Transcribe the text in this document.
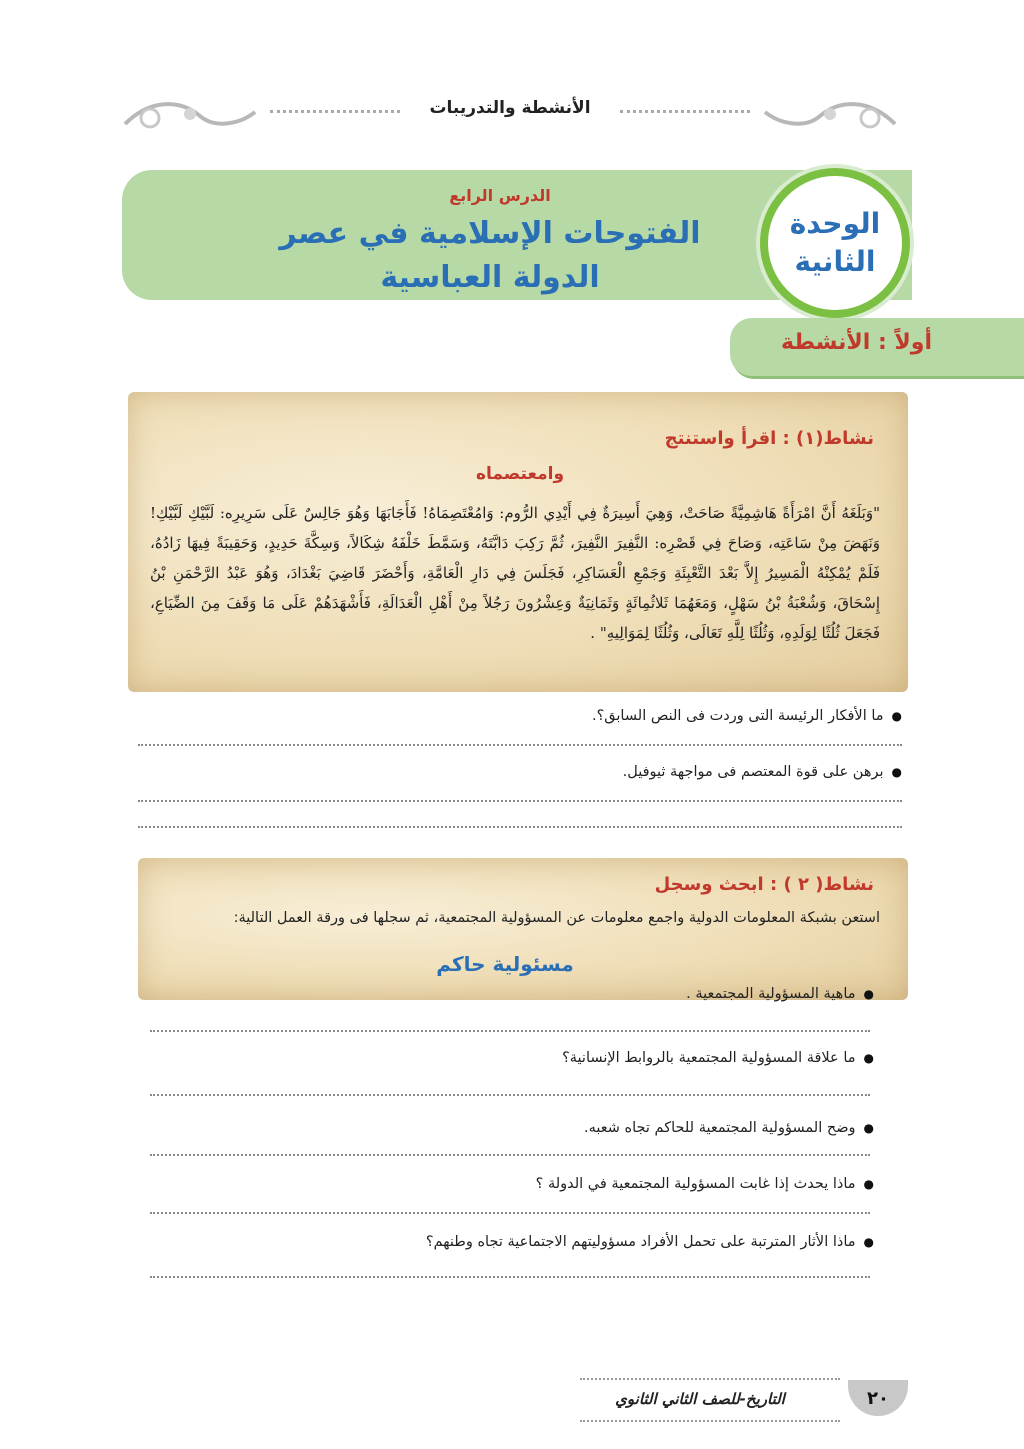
الأنشطة والتدريبات
الدرس الرابع
الفتوحات الإسلامية في عصر
الدولة العباسية
الوحدة
الثانية
أولاً : الأنشطة
نشاط(١) : اقرأ واستنتج
وامعتصماه
"وَبَلَغَهُ أَنَّ امْرَأَةً هَاشِمِيَّةً صَاحَتْ، وَهِيَ أَسِيرَةٌ فِي أَيْدِي الرُّوم: وَامُعْتَصِمَاهُ! فَأَجَابَهَا وَهُوَ جَالِسٌ عَلَى سَرِيرِه: لَبَّيْكِ لَبَّيْكِ! وَنَهَضَ مِنْ سَاعَتِه، وَصَاحَ فِي قَصْرِه: النَّفِيرَ النَّفِيرَ، ثُمَّ رَكِبَ دَابَّتَهُ، وَسَمَّطَ خَلْفَهُ شِكَالاً، وَسِكَّةَ حَدِيدٍ، وَحَقِيبَةً فِيهَا زَادُهُ، فَلَمْ يُمْكِنْهُ الْمَسِيرُ إِلاَّ بَعْدَ التَّعْبِئَةِ وَجَمْعِ الْعَسَاكِرِ، فَجَلَسَ فِي دَارِ الْعَامَّةِ، وَأَحْضَرَ قَاضِيَ بَغْدَادَ، وَهُوَ عَبْدُ الرَّحْمَنِ بْنُ إِسْحَاقَ، وَشُعْبَةُ بْنُ سَهْلٍ، وَمَعَهُمَا ثَلاثُمِائَةٍ وَثَمَانِيَةٌ وَعِشْرُونَ رَجُلاً مِنْ أَهْلِ الْعَدَالَةِ، فَأَشْهَدَهُمْ عَلَى مَا وَقَفَ مِنَ الضِّيَاعِ، فَجَعَلَ ثُلُثًا لِوَلَدِهِ، وَثُلُثًا لِلَّهِ تَعَالَى، وَثُلُثًا لِمَوَالِيهِ" .
● ما الأفكار الرئيسة التى وردت فى النص السابق؟.
● برهن على قوة المعتصم فى مواجهة ثيوفيل.
نشاط( ٢ ) : ابحث وسجل
استعن بشبكة المعلومات الدولية واجمع معلومات عن المسؤولية المجتمعية، ثم سجلها فى ورقة العمل التالية:
مسئولية حاكم
● ماهية المسؤولية المجتمعية .
● ما علاقة المسؤولية المجتمعية بالروابط الإنسانية؟
● وضح المسؤولية المجتمعية للحاكم تجاه شعبه.
● ماذا يحدث إذا غابت المسؤولية المجتمعية في الدولة ؟
● ماذا الأثار المترتبة على تحمل الأفراد مسؤوليتهم الاجتماعية تجاه وطنهم؟
التاريخ-للصف الثاني الثانوي	٢٠
